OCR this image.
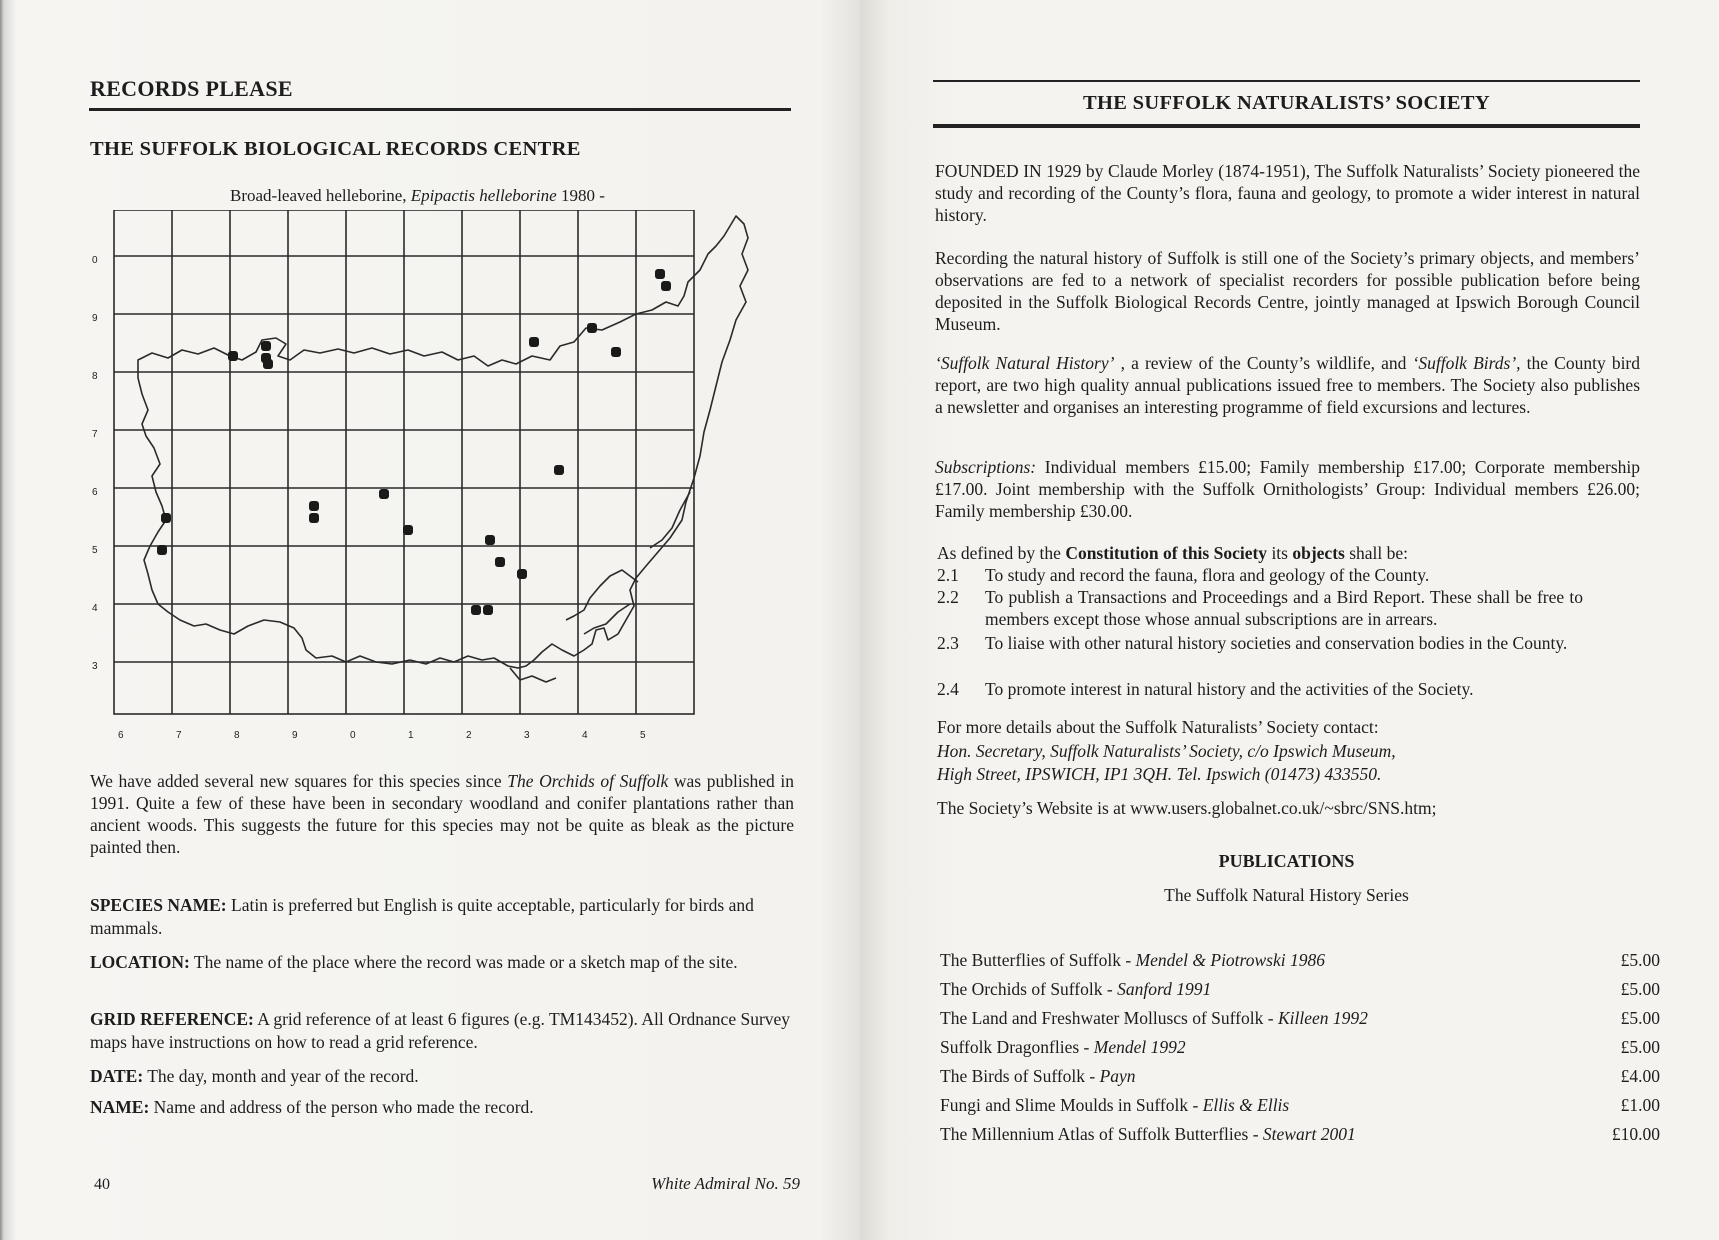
RECORDS PLEASE
THE SUFFOLK BIOLOGICAL RECORDS CENTRE
Broad-leaved helleborine, Epipactis helleborine 1980 -
0
9
8
7
6
5
4
3
6	7	8	9	0	1	2	3	4	5
We have added several new squares for this species since The Orchids of Suffolk was published in 1991. Quite a few of these have been in secondary woodland and conifer plantations rather than ancient woods. This suggests the future for this species may not be quite as bleak as the picture painted then.
SPECIES NAME: Latin is preferred but English is quite acceptable, particularly for birds and mammals.
LOCATION: The name of the place where the record was made or a sketch map of the site.
GRID REFERENCE: A grid reference of at least 6 figures (e.g. TM143452). All Ordnance Survey maps have instructions on how to read a grid reference.
DATE: The day, month and year of the record.
NAME: Name and address of the person who made the record.
40	White Admiral No. 59
THE SUFFOLK NATURALISTS’ SOCIETY
FOUNDED IN 1929 by Claude Morley (1874-1951), The Suffolk Naturalists’ Society pioneered the study and recording of the County’s flora, fauna and geology, to promote a wider interest in natural history.
Recording the natural history of Suffolk is still one of the Society’s primary objects, and members’ observations are fed to a network of specialist recorders for possible publication before being deposited in the Suffolk Biological Records Centre, jointly managed at Ipswich Borough Council Museum.
‘Suffolk Natural History’ , a review of the County’s wildlife, and ‘Suffolk Birds’, the County bird report, are two high quality annual publications issued free to members. The Society also publishes a newsletter and organises an interesting programme of field excursions and lectures.
Subscriptions: Individual members £15.00; Family membership £17.00; Corporate membership £17.00. Joint membership with the Suffolk Ornithologists’ Group: Individual members £26.00; Family membership £30.00.
As defined by the Constitution of this Society its objects shall be:
2.1 To study and record the fauna, flora and geology of the County.
2.2 To publish a Transactions and Proceedings and a Bird Report. These shall be free to members except those whose annual subscriptions are in arrears.
2.3 To liaise with other natural history societies and conservation bodies in the County.
2.4 To promote interest in natural history and the activities of the Society.
For more details about the Suffolk Naturalists’ Society contact:
Hon. Secretary, Suffolk Naturalists’ Society, c/o Ipswich Museum,
High Street, IPSWICH, IP1 3QH. Tel. Ipswich (01473) 433550.
The Society’s Website is at www.users.globalnet.co.uk/~sbrc/SNS.htm;
PUBLICATIONS
The Suffolk Natural History Series
The Butterflies of Suffolk - Mendel & Piotrowski 1986	£5.00
The Orchids of Suffolk - Sanford 1991	£5.00
The Land and Freshwater Molluscs of Suffolk - Killeen 1992	£5.00
Suffolk Dragonflies - Mendel 1992	£5.00
The Birds of Suffolk - Payn	£4.00
Fungi and Slime Moulds in Suffolk - Ellis & Ellis	£1.00
The Millennium Atlas of Suffolk Butterflies - Stewart 2001	£10.00
